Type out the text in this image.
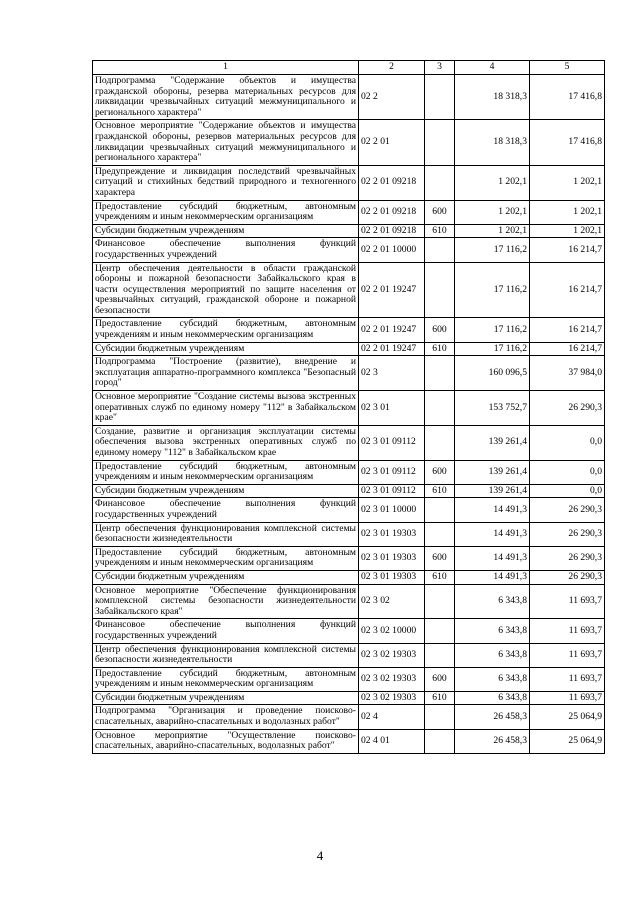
1	2	3	4	5
Подпрограмма "Содержание объектов и имущества гражданской обороны, резерва материальных ресурсов для ликвидации чрезвычайных ситуаций межмуниципального и регионального характера"	02 2		18 318,3	17 416,8
Основное мероприятие "Содержание объектов и имущества гражданской обороны, резервов материальных ресурсов для ликвидации чрезвычайных ситуаций межмуниципального и регионального характера"	02 2 01		18 318,3	17 416,8
Предупреждение и ликвидация последствий чрезвычайных ситуаций и стихийных бедствий природного и техногенного характера	02 2 01 09218		1 202,1	1 202,1
Предоставление субсидий бюджетным, автономным учреждениям и иным некоммерческим организациям	02 2 01 09218	600	1 202,1	1 202,1
Субсидии бюджетным учреждениям	02 2 01 09218	610	1 202,1	1 202,1
Финансовое обеспечение выполнения функций государственных учреждений	02 2 01 10000		17 116,2	16 214,7
Центр обеспечения деятельности в области гражданской обороны и пожарной безопасности Забайкальского края в части осуществления мероприятий по защите населения от чрезвычайных ситуаций, гражданской обороне и пожарной безопасности	02 2 01 19247		17 116,2	16 214,7
Предоставление субсидий бюджетным, автономным учреждениям и иным некоммерческим организациям	02 2 01 19247	600	17 116,2	16 214,7
Субсидии бюджетным учреждениям	02 2 01 19247	610	17 116,2	16 214,7
Подпрограмма "Построение (развитие), внедрение и эксплуатация аппаратно-программного комплекса "Безопасный город"	02 3		160 096,5	37 984,0
Основное мероприятие "Создание системы вызова экстренных оперативных служб по единому номеру "112" в Забайкальском крае"	02 3 01		153 752,7	26 290,3
Создание, развитие и организация эксплуатации системы обеспечения вызова экстренных оперативных служб по единому номеру "112" в Забайкальском крае	02 3 01 09112		139 261,4	0,0
Предоставление субсидий бюджетным, автономным учреждениям и иным некоммерческим организациям	02 3 01 09112	600	139 261,4	0,0
Субсидии бюджетным учреждениям	02 3 01 09112	610	139 261,4	0,0
Финансовое обеспечение выполнения функций государственных учреждений	02 3 01 10000		14 491,3	26 290,3
Центр обеспечения функционирования комплексной системы безопасности жизнедеятельности	02 3 01 19303		14 491,3	26 290,3
Предоставление субсидий бюджетным, автономным учреждениям и иным некоммерческим организациям	02 3 01 19303	600	14 491,3	26 290,3
Субсидии бюджетным учреждениям	02 3 01 19303	610	14 491,3	26 290,3
Основное мероприятие "Обеспечение функционирования комплексной системы безопасности жизнедеятельности Забайкальского края"	02 3 02		6 343,8	11 693,7
Финансовое обеспечение выполнения функций государственных учреждений	02 3 02 10000		6 343,8	11 693,7
Центр обеспечения функционирования комплексной системы безопасности жизнедеятельности	02 3 02 19303		6 343,8	11 693,7
Предоставление субсидий бюджетным, автономным учреждениям и иным некоммерческим организациям	02 3 02 19303	600	6 343,8	11 693,7
Субсидии бюджетным учреждениям	02 3 02 19303	610	6 343,8	11 693,7
Подпрограмма "Организация и проведение поисково-спасательных, аварийно-спасательных и водолазных работ"	02 4		26 458,3	25 064,9
Основное мероприятие "Осуществление поисково-спасательных, аварийно-спасательных, водолазных работ"	02 4 01		26 458,3	25 064,9
4
